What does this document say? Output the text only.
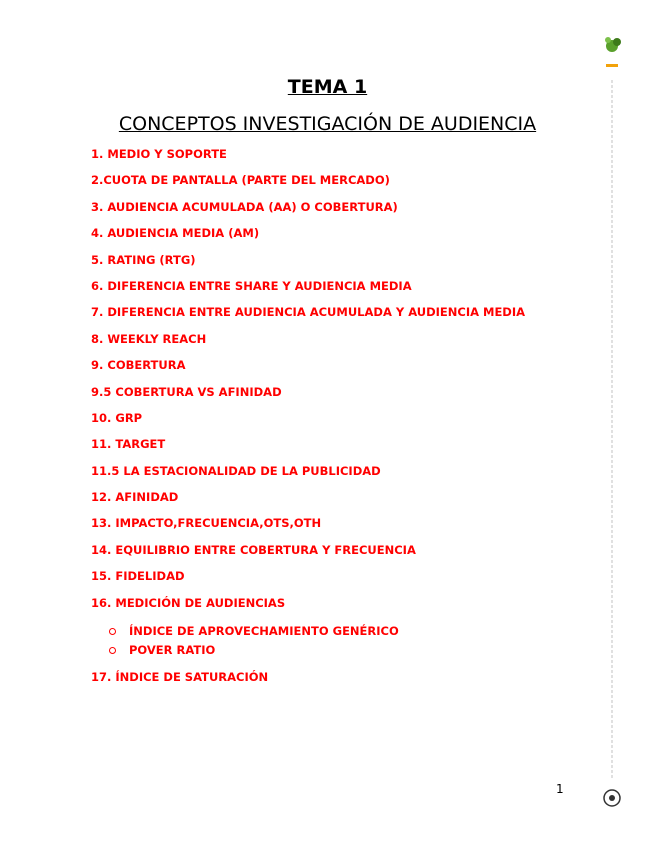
TEMA 1
CONCEPTOS INVESTIGACIÓN DE AUDIENCIA
1. MEDIO Y SOPORTE
2.CUOTA DE PANTALLA (PARTE DEL MERCADO)
3. AUDIENCIA ACUMULADA (AA) O COBERTURA)
4. AUDIENCIA MEDIA (AM)
5. RATING (RTG)
6. DIFERENCIA ENTRE SHARE Y AUDIENCIA MEDIA
7. DIFERENCIA ENTRE AUDIENCIA ACUMULADA Y AUDIENCIA MEDIA
8. WEEKLY REACH
9. COBERTURA
9.5 COBERTURA VS AFINIDAD
10. GRP
11. TARGET
11.5 LA ESTACIONALIDAD DE LA PUBLICIDAD
12. AFINIDAD
13. IMPACTO,FRECUENCIA,OTS,OTH
14. EQUILIBRIO ENTRE COBERTURA Y FRECUENCIA
15. FIDELIDAD
16. MEDICIÓN DE AUDIENCIAS
ÍNDICE DE APROVECHAMIENTO GENÉRICO
POVER RATIO
17. ÍNDICE DE SATURACIÓN
1
